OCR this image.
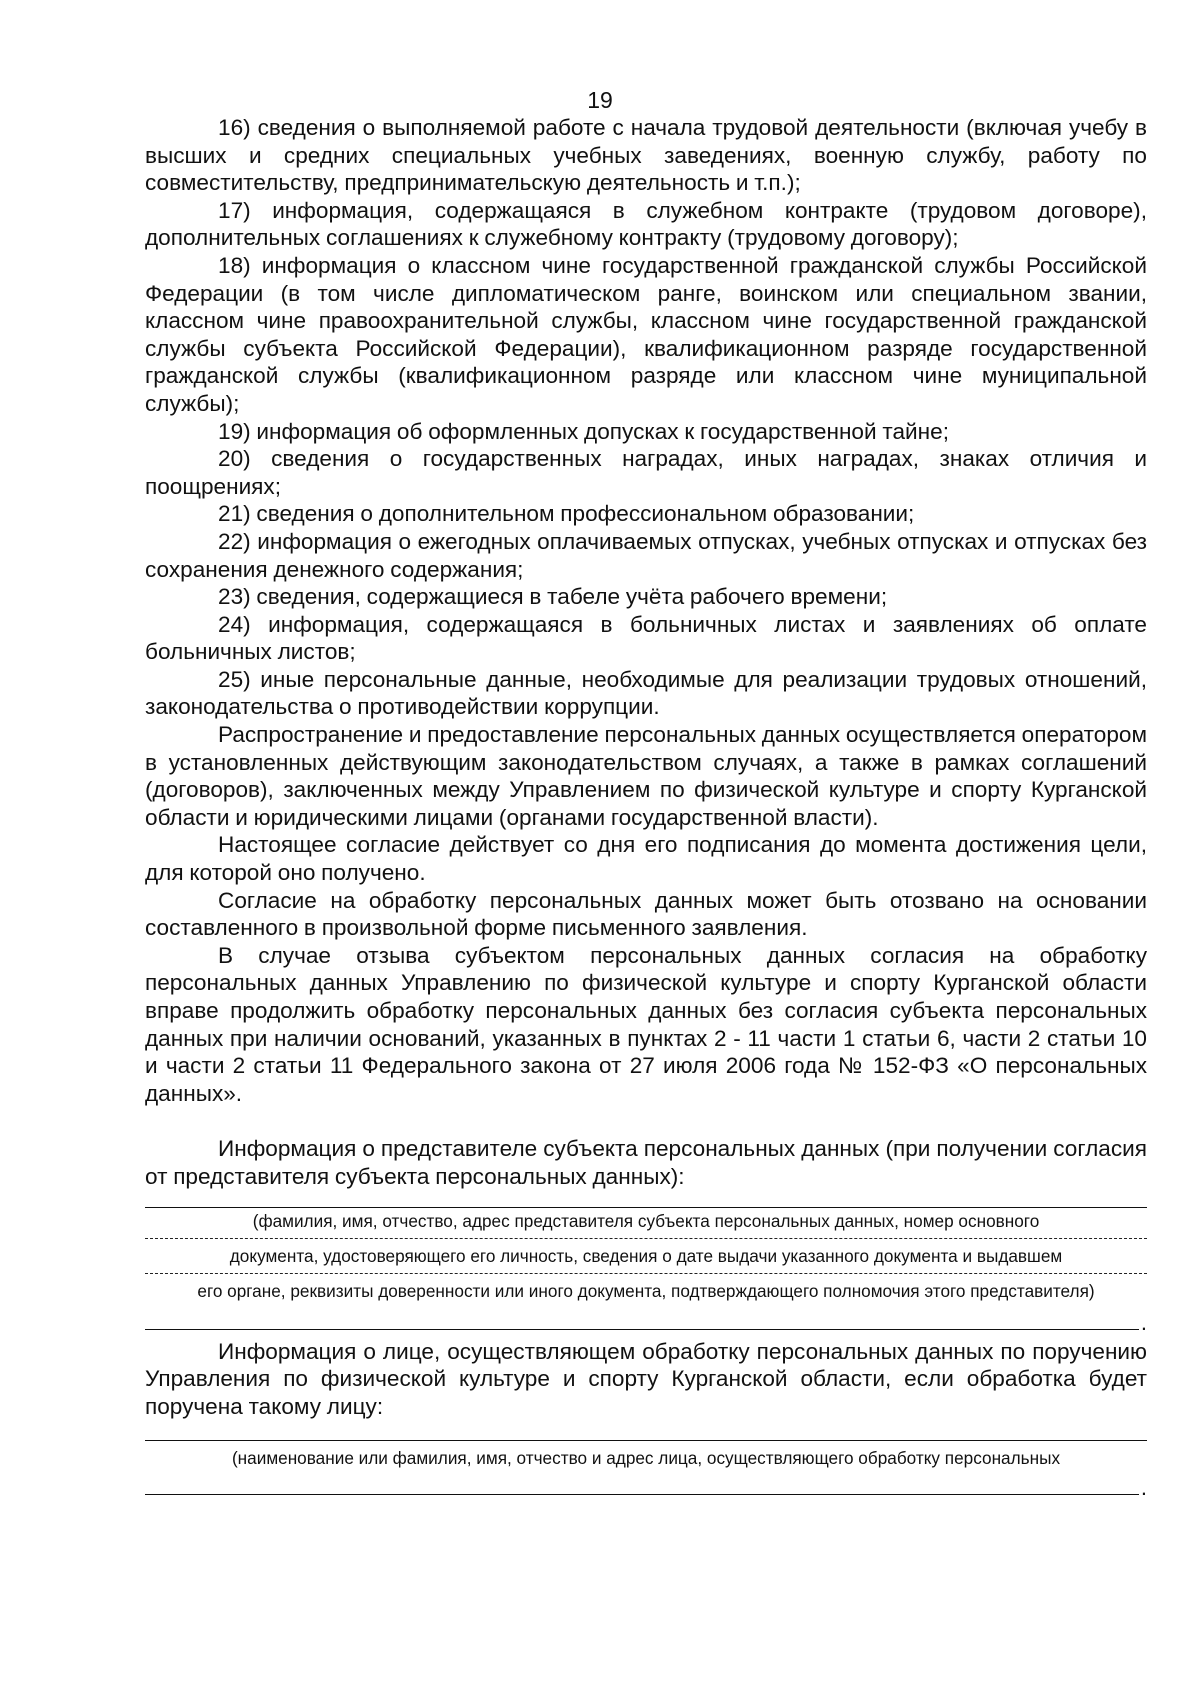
19

16) сведения о выполняемой работе с начала трудовой деятельности (включая учебу в высших и средних специальных учебных заведениях, военную службу, работу по совместительству, предпринимательскую деятельность и т.п.);

17) информация, содержащаяся в служебном контракте (трудовом договоре), дополнительных соглашениях к служебному контракту (трудовому договору);

18) информация о классном чине государственной гражданской службы Российской Федерации (в том числе дипломатическом ранге, воинском или специальном звании, классном чине правоохранительной службы, классном чине государственной гражданской службы субъекта Российской Федерации), квалификационном разряде государственной гражданской службы (квалификационном разряде или классном чине муниципальной службы);

19) информация об оформленных допусках к государственной тайне;

20) сведения о государственных наградах, иных наградах, знаках отличия и поощрениях;

21) сведения о дополнительном профессиональном образовании;

22) информация о ежегодных оплачиваемых отпусках, учебных отпусках и отпусках без сохранения денежного содержания;

23) сведения, содержащиеся в табеле учёта рабочего времени;

24) информация, содержащаяся в больничных листах и заявлениях об оплате больничных листов;

25) иные персональные данные, необходимые для реализации трудовых отношений, законодательства о противодействии коррупции.

Распространение и предоставление персональных данных осуществляется оператором в установленных действующим законодательством случаях, а также в рамках соглашений (договоров), заключенных между Управлением по физической культуре и спорту Курганской области и юридическими лицами (органами государственной власти).

Настоящее согласие действует со дня его подписания до момента достижения цели, для которой оно получено.

Согласие на обработку персональных данных может быть отозвано на основании составленного в произвольной форме письменного заявления.

В случае отзыва субъектом персональных данных согласия на обработку персональных данных Управлению по физической культуре и спорту Курганской области вправе продолжить обработку персональных данных без согласия субъекта персональных данных при наличии оснований, указанных в пунктах 2 - 11 части 1 статьи 6, части 2 статьи 10 и части 2 статьи 11 Федерального закона от 27 июля 2006 года № 152-ФЗ «О персональных данных».

Информация о представителе субъекта персональных данных (при получении согласия от представителя субъекта персональных данных):

(фамилия, имя, отчество, адрес представителя субъекта персональных данных, номер основного

документа, удостоверяющего его личность, сведения о дате выдачи указанного документа и выдавшем

его органе, реквизиты доверенности или иного документа, подтверждающего полномочия этого представителя)

.

Информация о лице, осуществляющем обработку персональных данных по поручению Управления по физической культуре и спорту Курганской области, если обработка будет поручена такому лицу:

(наименование или фамилия, имя, отчество и адрес лица, осуществляющего обработку персональных

.
